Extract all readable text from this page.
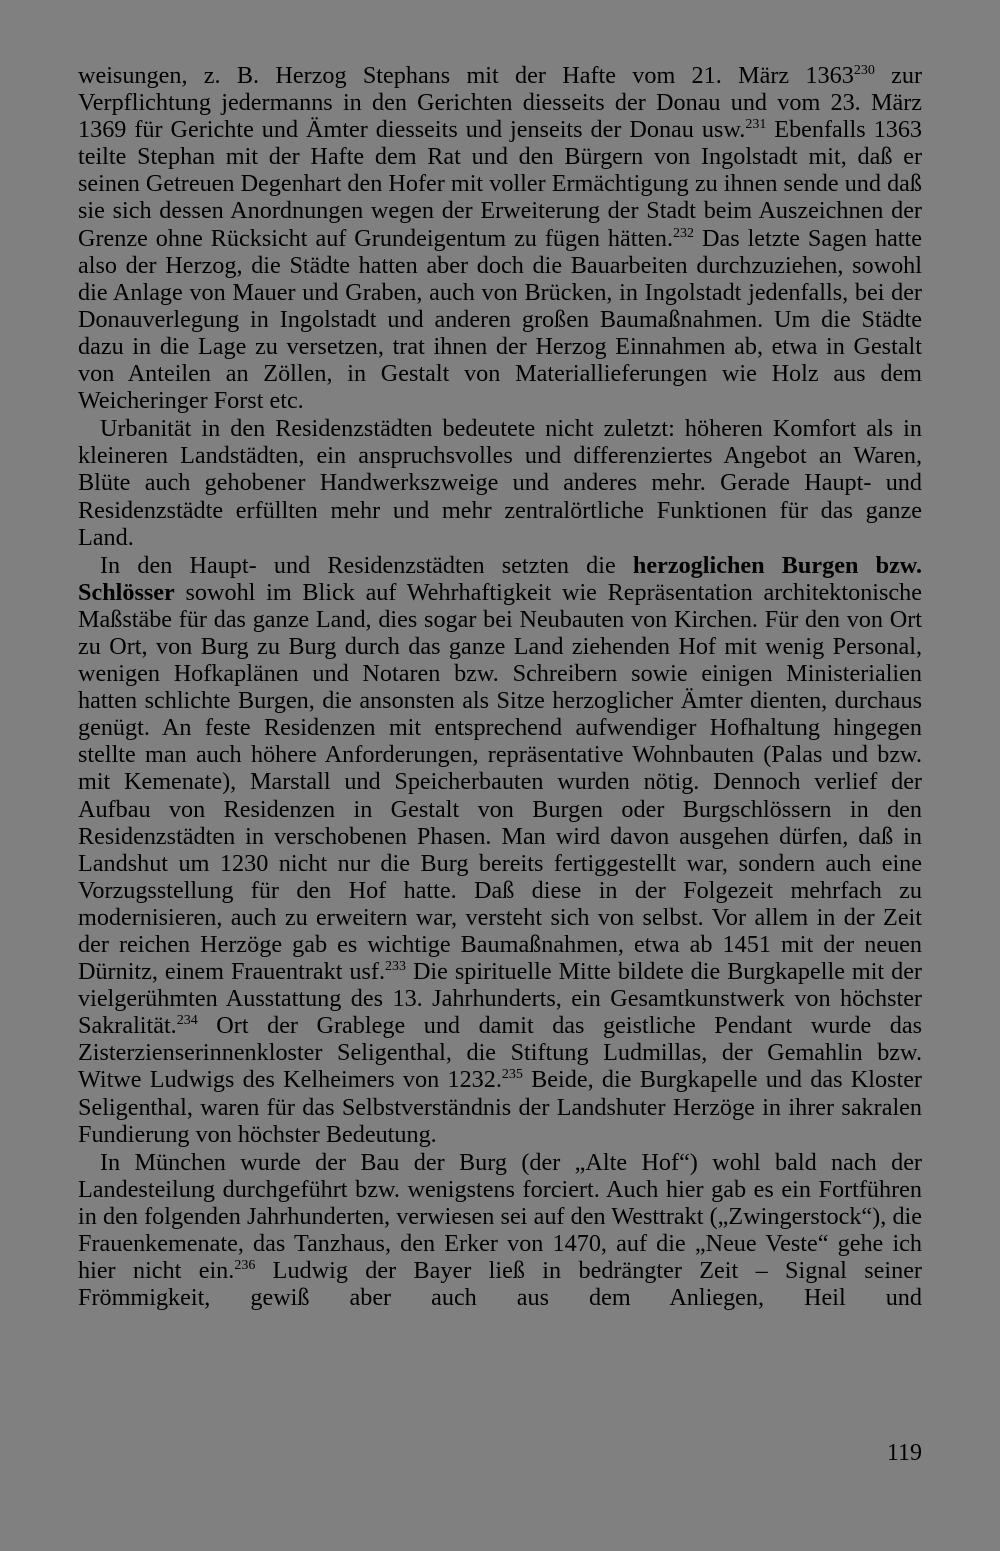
weisungen, z. B. Herzog Stephans mit der Hafte vom 21. März 1363$^{230}$ zur Verpflichtung jedermanns in den Gerichten diesseits der Donau und vom 23. März 1369 für Gerichte und Ämter diesseits und jenseits der Donau usw.$^{231}$ Ebenfalls 1363 teilte Stephan mit der Hafte dem Rat und den Bürgern von Ingolstadt mit, daß er seinen Getreuen Degenhart den Hofer mit voller Ermächtigung zu ihnen sende und daß sie sich dessen Anordnungen wegen der Erweiterung der Stadt beim Auszeichnen der Grenze ohne Rücksicht auf Grundeigentum zu fügen hätten.$^{232}$ Das letzte Sagen hatte also der Herzog, die Städte hatten aber doch die Bauarbeiten durchzuziehen, sowohl die Anlage von Mauer und Graben, auch von Brücken, in Ingolstadt jedenfalls, bei der Donauverlegung in Ingolstadt und anderen großen Baumaßnahmen. Um die Städte dazu in die Lage zu versetzen, trat ihnen der Herzog Einnahmen ab, etwa in Gestalt von Anteilen an Zöllen, in Gestalt von Materiallieferungen wie Holz aus dem Weicheringer Forst etc.

Urbanität in den Residenzstädten bedeutete nicht zuletzt: höheren Komfort als in kleineren Landstädten, ein anspruchsvolles und differenziertes Angebot an Waren, Blüte auch gehobener Handwerkszweige und anderes mehr. Gerade Haupt- und Residenzstädte erfüllten mehr und mehr zentralörtliche Funktionen für das ganze Land.

In den Haupt- und Residenzstädten setzten die herzoglichen Burgen bzw. Schlösser sowohl im Blick auf Wehrhaftigkeit wie Repräsentation architektonische Maßstäbe für das ganze Land, dies sogar bei Neubauten von Kirchen. Für den von Ort zu Ort, von Burg zu Burg durch das ganze Land ziehenden Hof mit wenig Personal, wenigen Hofkaplänen und Notaren bzw. Schreibern sowie einigen Ministerialien hatten schlichte Burgen, die ansonsten als Sitze herzoglicher Ämter dienten, durchaus genügt. An feste Residenzen mit entsprechend aufwendiger Hofhaltung hingegen stellte man auch höhere Anforderungen, repräsentative Wohnbauten (Palas und bzw. mit Kemenate), Marstall und Speicherbauten wurden nötig. Dennoch verlief der Aufbau von Residenzen in Gestalt von Burgen oder Burgschlössern in den Residenzstädten in verschobenen Phasen. Man wird davon ausgehen dürfen, daß in Landshut um 1230 nicht nur die Burg bereits fertiggestellt war, sondern auch eine Vorzugsstellung für den Hof hatte. Daß diese in der Folgezeit mehrfach zu modernisieren, auch zu erweitern war, versteht sich von selbst. Vor allem in der Zeit der reichen Herzöge gab es wichtige Baumaßnahmen, etwa ab 1451 mit der neuen Dürnitz, einem Frauentrakt usf.$^{233}$ Die spirituelle Mitte bildete die Burgkapelle mit der vielgerühmten Ausstattung des 13. Jahrhunderts, ein Gesamtkunstwerk von höchster Sakralität.$^{234}$ Ort der Grablege und damit das geistliche Pendant wurde das Zisterzienserinnenkloster Seligenthal, die Stiftung Ludmillas, der Gemahlin bzw. Witwe Ludwigs des Kelheimers von 1232.$^{235}$ Beide, die Burgkapelle und das Kloster Seligenthal, waren für das Selbstverständnis der Landshuter Herzöge in ihrer sakralen Fundierung von höchster Bedeutung.

In München wurde der Bau der Burg (der „Alte Hof“) wohl bald nach der Landesteilung durchgeführt bzw. wenigstens forciert. Auch hier gab es ein Fortführen in den folgenden Jahrhunderten, verwiesen sei auf den Westtrakt („Zwingerstock“), die Frauenkemenate, das Tanzhaus, den Erker von 1470, auf die „Neue Veste“ gehe ich hier nicht ein.$^{236}$ Ludwig der Bayer ließ in bedrängter Zeit – Signal seiner Frömmigkeit, gewiß aber auch aus dem Anliegen, Heil und

119
